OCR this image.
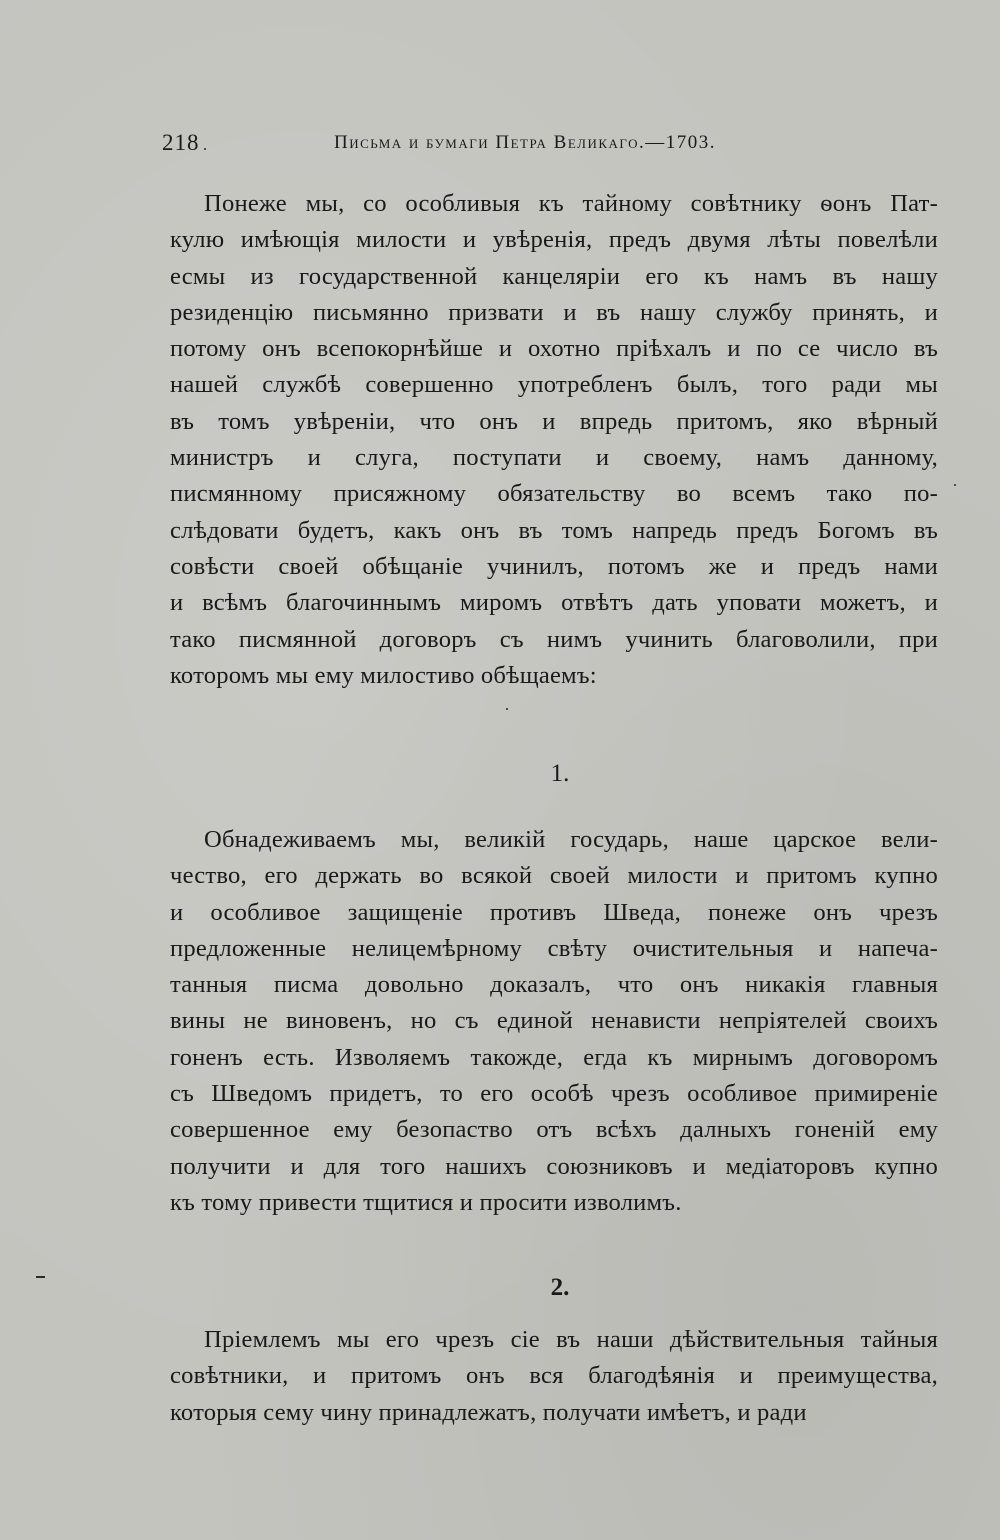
218	Письма и бумаги Петра Великаго.—1703.
Понеже мы, со особливыя къ тайному совѣтнику ѳонъ Пат-
кулю имѣющія милости и увѣренія, предъ двумя лѣты повелѣли
есмы из государственной канцеляріи его къ намъ въ нашу
резиденцію письмянно призвати и въ нашу службу принять, и
потому онъ всепокорнѣйше и охотно пріѣхалъ и по се число въ
нашей службѣ совершенно употребленъ былъ, того ради мы
въ томъ увѣреніи, что онъ и впредь притомъ, яко вѣрный
министръ и слуга, поступати и своему, намъ данному,
писмянному присяжному обязательству во всемъ тако по-
слѣдовати будетъ, какъ онъ въ томъ напредь предъ Богомъ въ
совѣсти своей обѣщаніе учинилъ, потомъ же и предъ нами
и всѣмъ благочиннымъ миромъ отвѣтъ дать уповати можетъ, и
тако писмянной договоръ съ нимъ учинить благоволили, при
которомъ мы ему милостиво обѣщаемъ:
1.
Обнадеживаемъ мы, великій государь, наше царское вели-
чество, его держать во всякой своей милости и притомъ купно
и особливое защищеніе противъ Шведа, понеже онъ чрезъ
предложенные нелицемѣрному свѣту очистительныя и напеча-
танныя писма довольно доказалъ, что онъ никакія главныя
вины не виновенъ, но съ единой ненависти непріятелей своихъ
гоненъ есть. Изволяемъ такожде, егда къ мирнымъ договоромъ
съ Шведомъ придетъ, то его особѣ чрезъ особливое примиреніе
совершенное ему безопаство отъ всѣхъ далныхъ гоненій ему
получити и для того нашихъ союзниковъ и медіаторовъ купно
къ тому привести тщитися и просити изволимъ.
2.
Пріемлемъ мы его чрезъ сіе въ наши дѣйствительныя тайныя
совѣтники, и притомъ онъ вся благодѣянія и преимущества,
которыя сему чину принадлежатъ, получати имѣетъ, и ради
